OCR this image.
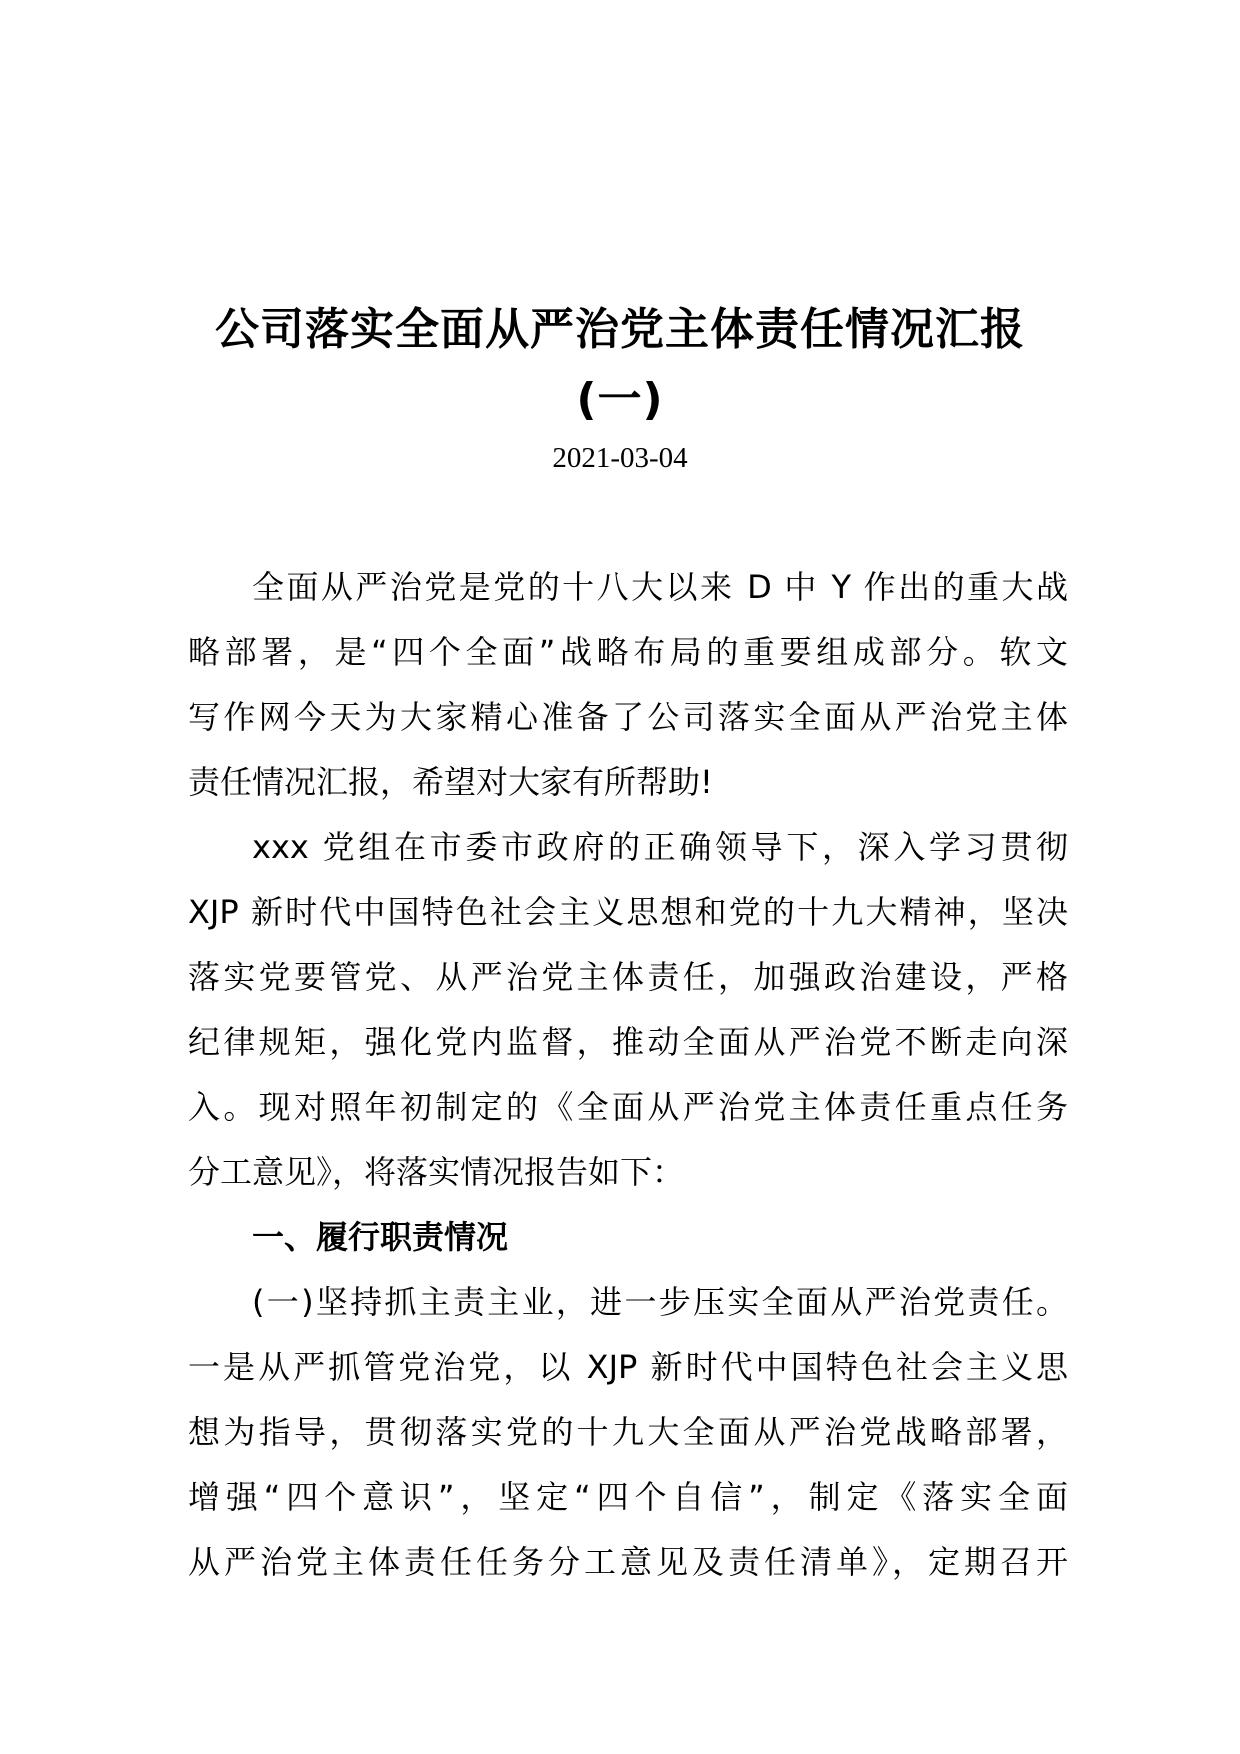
公司落实全面从严治党主体责任情况汇报
(一)
2021-03-04
全面从严治党是党的十八大以来 D 中 Y 作出的重大战
略部署，是“四个全面”战略布局的重要组成部分。软文
写作网今天为大家精心准备了公司落实全面从严治党主体
责任情况汇报，希望对大家有所帮助!
xxx 党组在市委市政府的正确领导下，深入学习贯彻
XJP 新时代中国特色社会主义思想和党的十九大精神，坚决
落实党要管党、从严治党主体责任，加强政治建设，严格
纪律规矩，强化党内监督，推动全面从严治党不断走向深
入。现对照年初制定的《全面从严治党主体责任重点任务
分工意见》，将落实情况报告如下：
一、履行职责情况
(一)坚持抓主责主业，进一步压实全面从严治党责任。
一是从严抓管党治党，以 XJP 新时代中国特色社会主义思
想为指导，贯彻落实党的十九大全面从严治党战略部署，
增强“四个意识”，坚定“四个自信”，制定《落实全面
从严治党主体责任任务分工意见及责任清单》，定期召开
